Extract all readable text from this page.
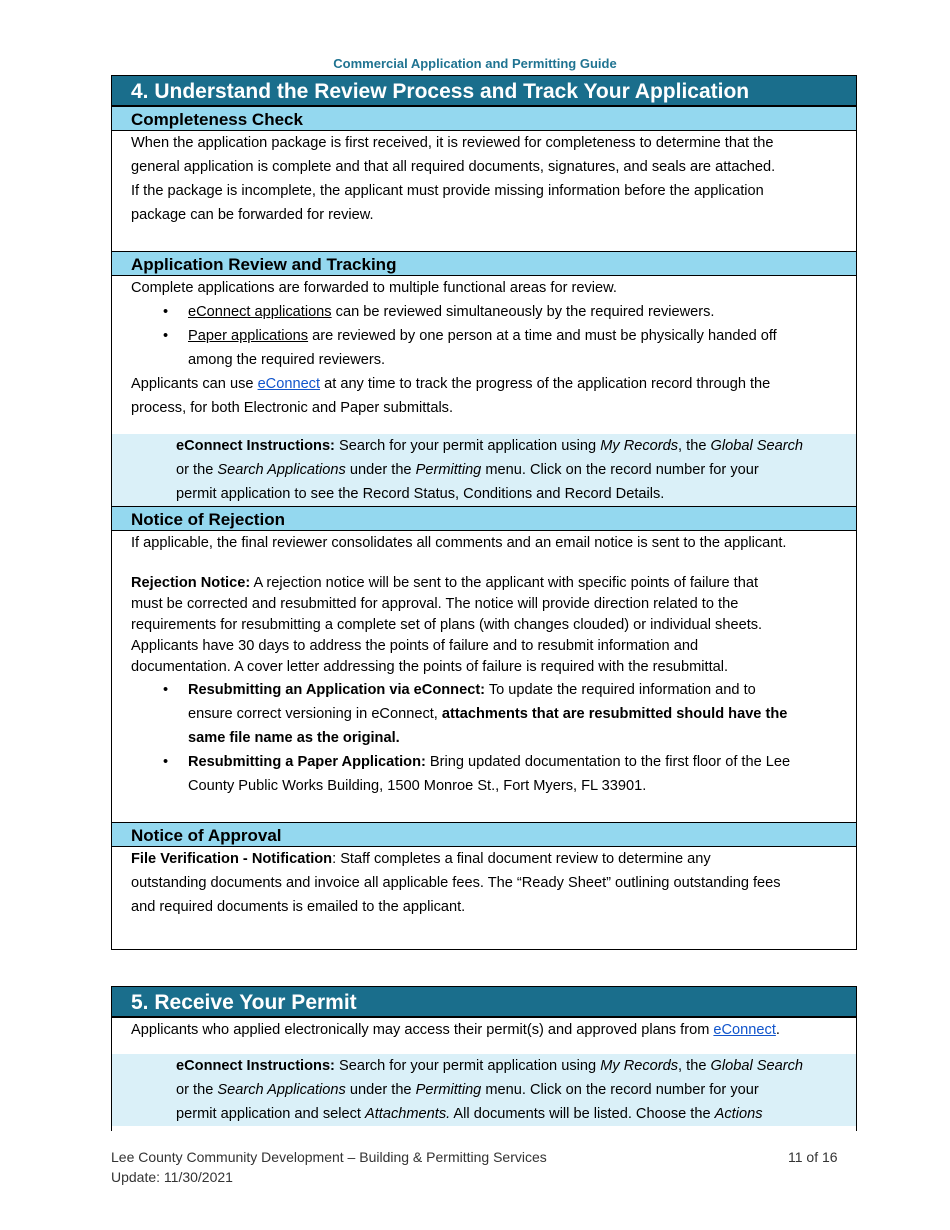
Commercial Application and Permitting Guide
4. Understand the Review Process and Track Your Application
Completeness Check
When the application package is first received, it is reviewed for completeness to determine that the
general application is complete and that all required documents, signatures, and seals are attached.
If the package is incomplete, the applicant must provide missing information before the application
package can be forwarded for review.
Application Review and Tracking
Complete applications are forwarded to multiple functional areas for review.
• eConnect applications can be reviewed simultaneously by the required reviewers.
• Paper applications are reviewed by one person at a time and must be physically handed off
among the required reviewers.
Applicants can use eConnect at any time to track the progress of the application record through the
process, for both Electronic and Paper submittals.
eConnect Instructions: Search for your permit application using My Records, the Global Search
or the Search Applications under the Permitting menu. Click on the record number for your
permit application to see the Record Status, Conditions and Record Details.
Notice of Rejection
If applicable, the final reviewer consolidates all comments and an email notice is sent to the applicant.
Rejection Notice: A rejection notice will be sent to the applicant with specific points of failure that
must be corrected and resubmitted for approval. The notice will provide direction related to the
requirements for resubmitting a complete set of plans (with changes clouded) or individual sheets.
Applicants have 30 days to address the points of failure and to resubmit information and
documentation. A cover letter addressing the points of failure is required with the resubmittal.
• Resubmitting an Application via eConnect: To update the required information and to
ensure correct versioning in eConnect, attachments that are resubmitted should have the
same file name as the original.
• Resubmitting a Paper Application: Bring updated documentation to the first floor of the Lee
County Public Works Building, 1500 Monroe St., Fort Myers, FL 33901.
Notice of Approval
File Verification - Notification: Staff completes a final document review to determine any
outstanding documents and invoice all applicable fees. The “Ready Sheet” outlining outstanding fees
and required documents is emailed to the applicant.
5. Receive Your Permit
Applicants who applied electronically may access their permit(s) and approved plans from eConnect.
eConnect Instructions: Search for your permit application using My Records, the Global Search
or the Search Applications under the Permitting menu. Click on the record number for your
permit application and select Attachments. All documents will be listed. Choose the Actions
Lee County Community Development – Building & Permitting Services
Update: 11/30/2021
11 of 16
